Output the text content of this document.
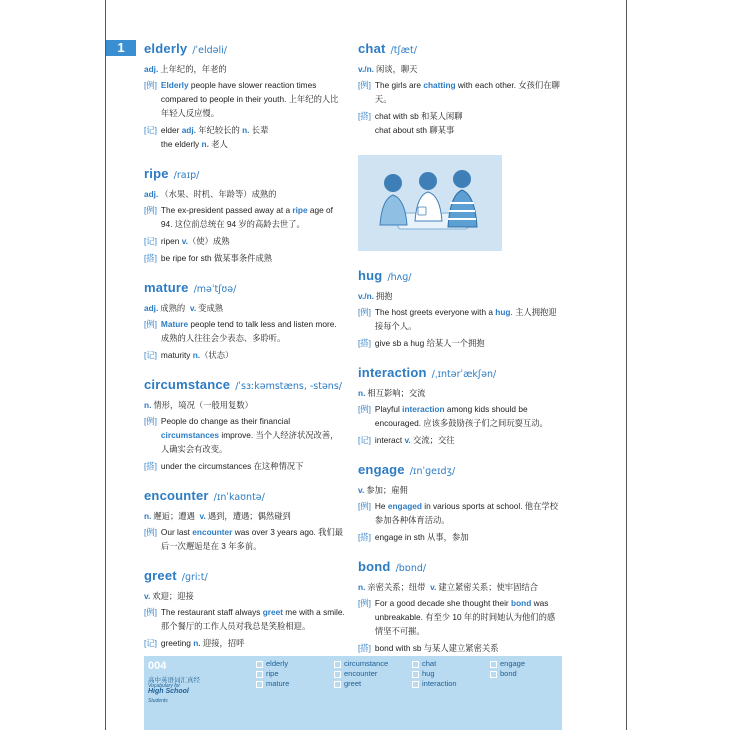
1	elderly /ˈeldəli/
adj. 上年纪的，年老的
[例] Elderly people have slower reaction times compared to people in their youth. 上年纪的人比年轻人反应慢。
[记] elder adj. 年纪较长的 n. 长辈
the elderly n. 老人
ripe /raɪp/
adj. （水果、时机、年龄等）成熟的
[例] The ex-president passed away at a ripe age of 94. 这位前总统在 94 岁的高龄去世了。
[记] ripen v.（使）成熟
[搭] be ripe for sth 做某事条件成熟
mature /məˈtʃʊə/
adj. 成熟的 v. 变成熟
[例] Mature people tend to talk less and listen more. 成熟的人往往会少表态、多聆听。
[记] maturity n.（状态）
circumstance /ˈsɜːkəmstæns, -stəns/
n. 情形，境况（一般用复数）
[例] People do change as their financial circumstances improve. 当个人经济状况改善，人确实会有改变。
[搭] under the circumstances 在这种情况下
encounter /ɪnˈkaʊntə/
n. 邂逅；遭遇 v. 遇到，遭遇；偶然碰到
[例] Our last encounter was over 3 years ago. 我们最后一次邂逅是在 3 年多前。
greet /ɡriːt/
v. 欢迎；迎接
[例] The restaurant staff always greet me with a smile. 那个餐厅的工作人员对我总是笑脸相迎。
[记] greeting n. 迎接，招呼
chat /tʃæt/
v./n. 闲谈，聊天
[例] The girls are chatting with each other. 女孩们在聊天。
[搭] chat with sb 和某人闲聊
chat about sth 聊某事
hug /hʌɡ/
v./n. 拥抱
[例] The host greets everyone with a hug. 主人拥抱迎接每个人。
[搭] give sb a hug 给某人一个拥抱
interaction /ˌɪntərˈækʃən/
n. 相互影响；交流
[例] Playful interaction among kids should be encouraged. 应该多鼓励孩子们之间玩耍互动。
[记] interact v. 交流；交往
engage /ɪnˈɡeɪdʒ/
v. 参加；雇佣
[例] He engaged in various sports at school. 他在学校参加各种体育活动。
[搭] engage in sth 从事，参加
bond /bɒnd/
n. 亲密关系；纽带 v. 建立紧密关系；使牢固结合
[例] For a good decade she thought their bond was unbreakable. 有至少 10 年的时间她认为他们的感情坚不可摧。
[搭] bond with sb 与某人建立紧密关系
004
高中英语词汇真经
Vocabulary for
High School
Students
elderly
ripe
mature
circumstance
encounter
greet
chat
hug
interaction
engage
bond
